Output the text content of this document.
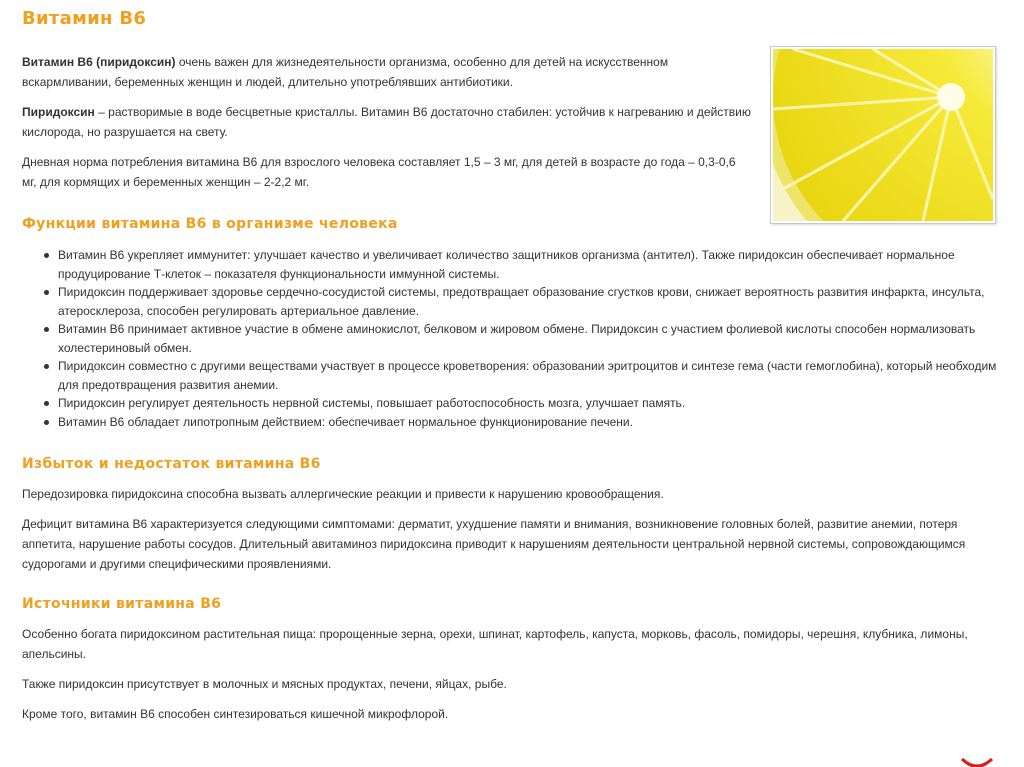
Витамин В6

Витамин В6 (пиридоксин) очень важен для жизнедеятельности организма, особенно для детей на искусственном вскармливании, беременных женщин и людей, длительно употреблявших антибиотики.

Пиридоксин – растворимые в воде бесцветные кристаллы. Витамин В6 достаточно стабилен: устойчив к нагреванию и действию кислорода, но разрушается на свету.

Дневная норма потребления витамина В6 для взрослого человека составляет 1,5 – 3 мг, для детей в возрасте до года – 0,3-0,6 мг, для кормящих и беременных женщин – 2-2,2 мг.

Функции витамина В6 в организме человека
Витамин В6 укрепляет иммунитет: улучшает качество и увеличивает количество защитников организма (антител). Также пиридоксин обеспечивает нормальное продуцирование Т-клеток – показателя функциональности иммунной системы.
Пиридоксин поддерживает здоровье сердечно-сосудистой системы, предотвращает образование сгустков крови, снижает вероятность развития инфаркта, инсульта, атеросклероза, способен регулировать артериальное давление.
Витамин В6 принимает активное участие в обмене аминокислот, белковом и жировом обмене. Пиридоксин с участием фолиевой кислоты способен нормализовать холестериновый обмен.
Пиридоксин совместно с другими веществами участвует в процессе кроветворения: образовании эритроцитов и синтезе гема (части гемоглобина), который необходим для предотвращения развития анемии.
Пиридоксин регулирует деятельность нервной системы, повышает работоспособность мозга, улучшает память.
Витамин В6 обладает липотропным действием: обеспечивает нормальное функционирование печени.
Избыток и недостаток витамина В6

Передозировка пиридоксина способна вызвать аллергические реакции и привести к нарушению кровообращения.

Дефицит витамина В6 характеризуется следующими симптомами: дерматит, ухудшение памяти и внимания, возникновение головных болей, развитие анемии, потеря аппетита, нарушение работы сосудов. Длительный авитаминоз пиридоксина приводит к нарушениям деятельности центральной нервной системы, сопровождающимся судорогами и другими специфическими проявлениями.

Источники витамина В6

Особенно богата пиридоксином растительная пища: пророщенные зерна, орехи, шпинат, картофель, капуста, морковь, фасоль, помидоры, черешня, клубника, лимоны, апельсины.

Также пиридоксин присутствует в молочных и мясных продуктах, печени, яйцах, рыбе.

Кроме того, витамин В6 способен синтезироваться кишечной микрофлорой.
